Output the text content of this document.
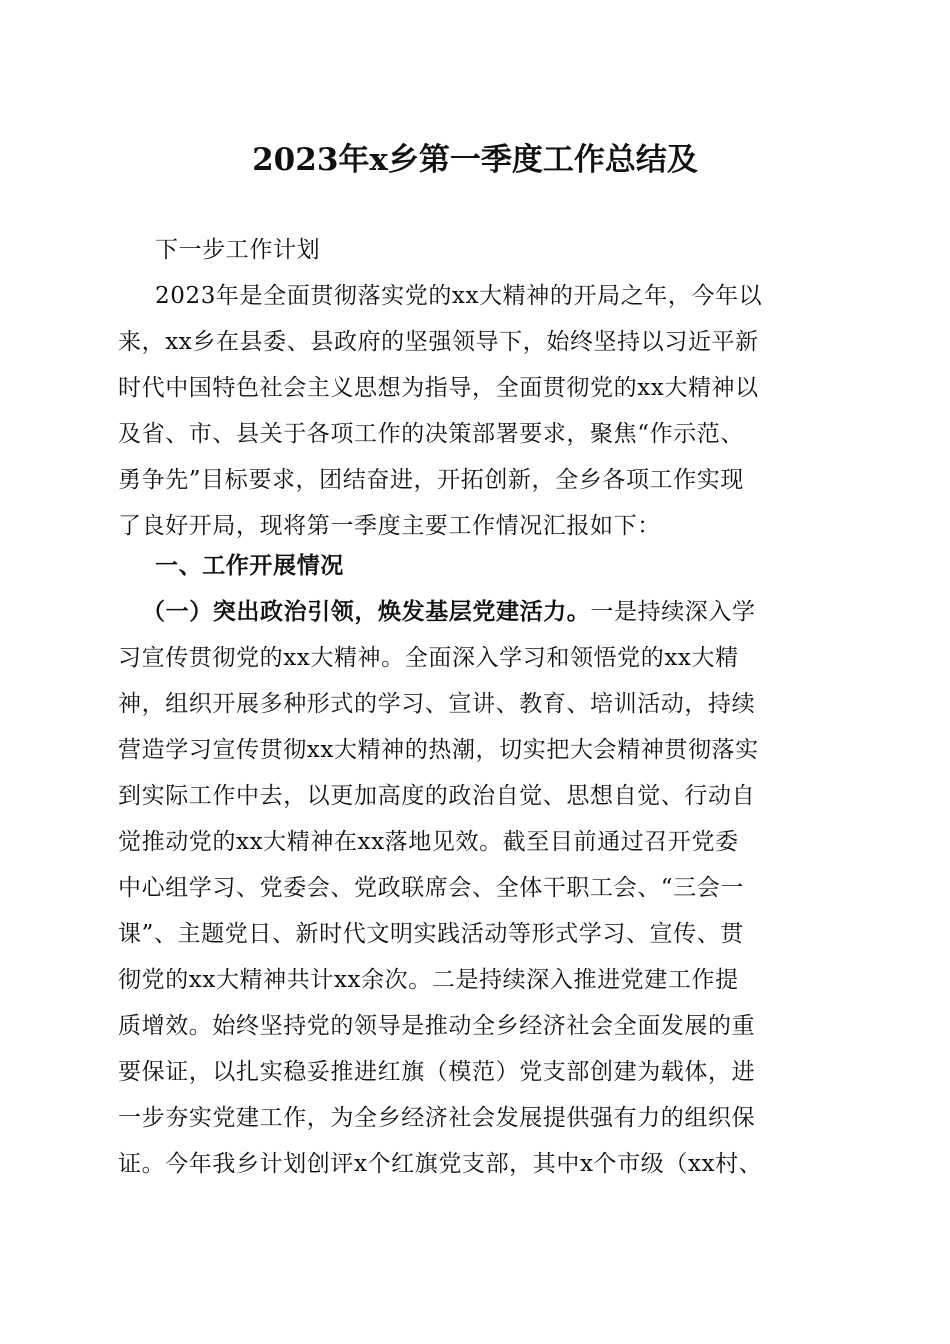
2023年x乡第一季度工作总结及
下一步工作计划
2023年是全面贯彻落实党的xx大精神的开局之年，今年以
来，xx乡在县委、县政府的坚强领导下，始终坚持以习近平新
时代中国特色社会主义思想为指导，全面贯彻党的xx大精神以
及省、市、县关于各项工作的决策部署要求，聚焦“作示范、
勇争先”目标要求，团结奋进，开拓创新，全乡各项工作实现
了良好开局，现将第一季度主要工作情况汇报如下：
一、工作开展情况
（一）突出政治引领，焕发基层党建活力。一是持续深入学
习宣传贯彻党的xx大精神。全面深入学习和领悟党的xx大精
神，组织开展多种形式的学习、宣讲、教育、培训活动，持续
营造学习宣传贯彻xx大精神的热潮，切实把大会精神贯彻落实
到实际工作中去，以更加高度的政治自觉、思想自觉、行动自
觉推动党的xx大精神在xx落地见效。截至目前通过召开党委
中心组学习、党委会、党政联席会、全体干职工会、“三会一
课”、主题党日、新时代文明实践活动等形式学习、宣传、贯
彻党的xx大精神共计xx余次。二是持续深入推进党建工作提
质增效。始终坚持党的领导是推动全乡经济社会全面发展的重
要保证，以扎实稳妥推进红旗（模范）党支部创建为载体，进
一步夯实党建工作，为全乡经济社会发展提供强有力的组织保
证。今年我乡计划创评x个红旗党支部，其中x个市级（xx村、
